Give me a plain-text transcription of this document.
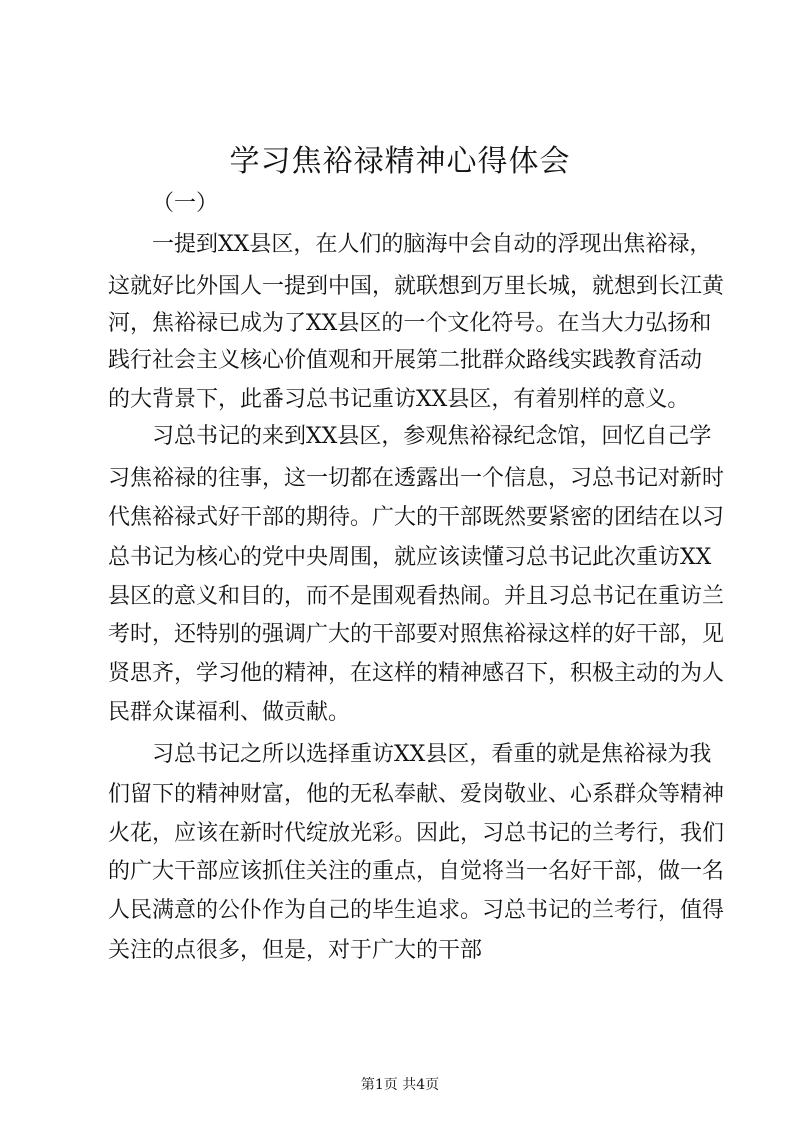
学习焦裕禄精神心得体会

（一）

一提到XX县区，在人们的脑海中会自动的浮现出焦裕禄，

这就好比外国人一提到中国，就联想到万里长城，就想到长江黄

河，焦裕禄已成为了XX县区的一个文化符号。在当大力弘扬和

践行社会主义核心价值观和开展第二批群众路线实践教育活动

的大背景下，此番习总书记重访XX县区，有着别样的意义。

习总书记的来到XX县区，参观焦裕禄纪念馆，回忆自己学

习焦裕禄的往事，这一切都在透露出一个信息，习总书记对新时

代焦裕禄式好干部的期待。广大的干部既然要紧密的团结在以习

总书记为核心的党中央周围，就应该读懂习总书记此次重访XX

县区的意义和目的，而不是围观看热闹。并且习总书记在重访兰

考时，还特别的强调广大的干部要对照焦裕禄这样的好干部，见

贤思齐，学习他的精神，在这样的精神感召下，积极主动的为人

民群众谋福利、做贡献。

习总书记之所以选择重访XX县区，看重的就是焦裕禄为我

们留下的精神财富，他的无私奉献、爱岗敬业、心系群众等精神

火花，应该在新时代绽放光彩。因此，习总书记的兰考行，我们

的广大干部应该抓住关注的重点，自觉将当一名好干部，做一名

人民满意的公仆作为自己的毕生追求。习总书记的兰考行，值得

关注的点很多，但是，对于广大的干部

第1页 共4页
